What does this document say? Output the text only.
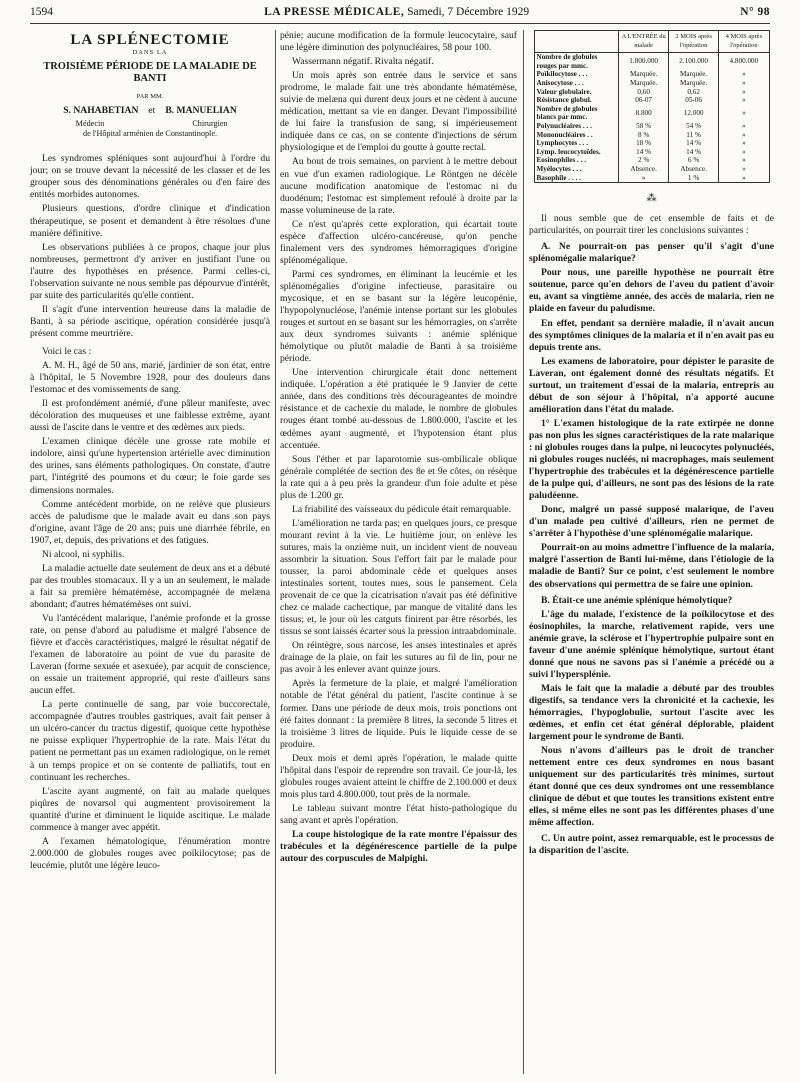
1594	LA PRESSE MÉDICALE, Samedi, 7 Décembre 1929	N° 98
LA SPLÉNECTOMIE
DANS LA
TROISIÈME PÉRIODE DE LA MALADIE DE BANTI
PAR MM.
S. NAHABETIAN et B. MANUELIAN
Médecin	Chirurgien
de l'Hôpital arménien de Constantinople.

Les syndromes spléniques sont aujourd'hui à l'ordre du jour; on se trouve devant la nécessité de les classer et de les grouper sous des dénominations générales ou d'en faire des entités morbides autonomes.

Plusieurs questions, d'ordre clinique et d'indication thérapeutique, se posent et demandent à être résolues d'une manière définitive.

Les observations publiées à ce propos, chaque jour plus nombreuses, permettront d'y arriver en justifiant l'une ou l'autre des hypothèses en présence. Parmi celles-ci, l'observation suivante ne nous semble pas dépourvue d'intérêt, par suite des particularités qu'elle contient.

Il s'agit d'une intervention heureuse dans la maladie de Banti, à sa période ascitique, opération considérée jusqu'à présent comme meurtrière.

Voici le cas :

A. M. H., âgé de 50 ans, marié, jardinier de son état, entre à l'hôpital, le 5 Novembre 1928, pour des douleurs dans l'estomac et des vomissements de sang.

Il est profondément anémié, d'une pâleur manifeste, avec décoloration des muqueuses et une faiblesse extrême, ayant aussi de l'ascite dans le ventre et des œdèmes aux pieds.

L'examen clinique décèle une grosse rate mobile et indolore, ainsi qu'une hypertension artérielle avec diminution des urines, sans éléments pathologiques. On constate, d'autre part, l'intégrité des poumons et du cœur; le foie garde ses dimensions normales.

Comme antécédent morbide, on ne relève que plusieurs accès de paludisme que le malade avait eu dans son pays d'origine, avant l'âge de 20 ans; puis une diarrhée fébrile, en 1907, et, depuis, des privations et des fatigues.

Ni alcool, ni syphilis.

La maladie actuelle date seulement de deux ans et a débuté par des troubles stomacaux. Il y a un an seulement, le malade a fait sa première hématémèse, accompagnée de melæna abondant; d'autres hématémèses ont suivi.

Vu l'antécédent malarique, l'anémie profonde et la grosse rate, on pense d'abord au paludisme et malgré l'absence de fièvre et d'accès caractéristiques, malgré le résultat négatif de l'examen de laboratoire au point de vue du parasite de Laveran (forme sexuée et asexuée), par acquit de conscience, on essaie un traitement approprié, qui reste d'ailleurs sans aucun effet.

La perte continuelle de sang, par voie buccorectale, accompagnée d'autres troubles gastriques, avait fait penser à un ulcéro-cancer du tractus digestif, quoique cette hypothèse ne puisse expliquer l'hypertrophie de la rate. Mais l'état du patient ne permettant pas un examen radiologique, on le remet à un temps propice et on se contente de palliatifs, tout en continuant les recherches.

L'ascite ayant augmenté, on fait au malade quelques piqûres de novarsol qui augmentent provisoirement la quantité d'urine et diminuent le liquide ascitique. Le malade commence à manger avec appétit.

A l'examen hématologique, l'énumération montre 2.000.000 de globules rouges avec poïkilocytose; pas de leucémie, plutôt une légère leuco-

pénie; aucune modification de la formule leucocytaire, sauf une légère diminution des polynucléaires, 58 pour 100.

Wassermann négatif. Rivalta négatif.

Un mois après son entrée dans le service et sans prodrome, le malade fait une très abondante hématémèse, suivie de melæna qui durent deux jours et ne cèdent à aucune médication, mettant sa vie en danger. Devant l'impossibilité de lui faire la transfusion de sang, si impérieusement indiquée dans ce cas, on se contente d'injections de sérum physiologique et de l'emploi du goutte à goutte rectal.

Au bout de trois semaines, on parvient à le mettre debout en vue d'un examen radiologique. Le Röntgen ne décèle aucune modification anatomique de l'estomac ni du duodénum; l'estomac est simplement refoulé à droite par la masse volumineuse de la rate.

Ce n'est qu'après cette exploration, qui écartait toute espèce d'affection ulcéro-cancéreuse, qu'on penche finalement vers des syndromes hémorragiques d'origine splénomégalique.

Parmi ces syndromes, en éliminant la leucémie et les splénomégalies d'origine infectieuse, parasitaire ou mycosique, et en se basant sur la légère leucopénie, l'hypopolynucléose, l'anémie intense portant sur les globules rouges et surtout en se basant sur les hémorragies, on s'arrête aux deux syndromes suivants : anémie splénique hémolytique ou plutôt maladie de Banti à sa troisième période.

Une intervention chirurgicale était donc nettement indiquée. L'opération a été pratiquée le 9 Janvier de cette année, dans des conditions très décourageantes de moindre résistance et de cachexie du malade, le nombre de globules rouges étant tombé au-dessous de 1.800.000, l'ascite et les œdèmes ayant augmenté, et l'hypotension étant plus accentuée.

Sous l'éther et par laparotomie sus-ombilicale oblique générale complétée de section des 8e et 9e côtes, on résèque la rate qui a à peu près la grandeur d'un foie adulte et pèse plus de 1.200 gr.

La friabilité des vaisseaux du pédicule était remarquable.

L'amélioration ne tarda pas; en quelques jours, ce presque mourant revint à la vie. Le huitième jour, on enlève les sutures, mais la onzième nuit, un incident vient de nouveau assombrir la situation. Sous l'effort fait par le malade pour tousser, la paroi abdominale cède et quelques anses intestinales sortent, toutes nues, sous le pansement. Cela provenait de ce que la cicatrisation n'avait pas été définitive chez ce malade cachectique, par manque de vitalité dans les tissus; et, le jour où les catguts finirent par être résorbés, les tissus se sont laissés écarter sous la pression intraabdominale.

On réintègre, sous narcose, les anses intestinales et après drainage de la plaie, on fait les sutures au fil de lin, pour ne pas avoir à les enlever avant quinze jours.

Après la fermeture de la plaie, et malgré l'amélioration notable de l'état général du patient, l'ascite continue à se former. Dans une période de deux mois, trois ponctions ont été faites donnant : la première 8 litres, la seconde 5 litres et la troisième 3 litres de liquide. Puis le liquide cesse de se produire.

Deux mois et demi après l'opération, le malade quitte l'hôpital dans l'espoir de reprendre son travail. Ce jour-là, les globules rouges avaient atteint le chiffre de 2.100.000 et deux mois plus tard 4.800.000, tout près de la normale.

Le tableau suivant montre l'état histo-pathologique du sang avant et après l'opération.

La coupe histologique de la rate montre l'épaissur des trabécules et la dégénérescence partielle de la pulpe autour des corpuscules de Malpighi.

	A L'ENTRÉE du malade	2 MOIS après l'opération	4 MOIS après l'opération
Nombre de globules rouges par mmc.	1.800.000	2.100.000	4.800.000
Poïkilocytose . . .	Marquée.	Marquée.	»
Anisocytose . . .	Marquée.	Marquée.	»
Valeur globulaire.	0,60	0,62	»
Résistance globul.	06-07	05-06	»
Nombre de globules blancs par mmc.	8.800	12.000	»
Polynucléaires . . .	58 %	54 %	»
Mononucléaires . .	8 %	11 %	»
Lymphocytes . . .	18 %	14 %	»
Lymp. leucocytoïdes.	14 %	14 %	»
Eosinophiles . . .	2 %	6 %	»
Myélocytes . . .	Absence.	Absence.	»
Basophile . . . .	»	1 %	»
⁂

Il nous semble que de cet ensemble de faits et de particularités, on pourrait tirer les conclusions suivantes :

A. Ne pourrait-on pas penser qu'il s'agit d'une splénomégalie malarique?

Pour nous, une pareille hypothèse ne pourrait être soutenue, parce qu'en dehors de l'aveu du patient d'avoir eu, avant sa vingtième année, des accès de malaria, rien ne plaide en faveur du paludisme.

En effet, pendant sa dernière maladie, il n'avait aucun des symptômes cliniques de la malaria et il n'en avait pas eu depuis trente ans.

Les examens de laboratoire, pour dépister le parasite de Laveran, ont également donné des résultats négatifs. Et surtout, un traitement d'essai de la malaria, entrepris au début de son séjour à l'hôpital, n'a apporté aucune amélioration dans l'état du malade.

1° L'examen histologique de la rate extirpée ne donne pas non plus les signes caractéristiques de la rate malarique : ni globules rouges dans la pulpe, ni leucocytes polynucléés, ni globules rouges nucléés, ni macrophages, mais seulement l'hypertrophie des trabécules et la dégénérescence partielle de la pulpe qui, d'ailleurs, ne sont pas des lésions de la rate paludéenne.

Donc, malgré un passé supposé malarique, de l'aveu d'un malade peu cultivé d'ailleurs, rien ne permet de s'arrêter à l'hypothèse d'une splénomégalie malarique.

Pourrait-on au moins admettre l'influence de la malaria, malgré l'assertion de Banti lui-même, dans l'étiologie de la maladie de Banti? Sur ce point, c'est seulement le nombre des observations qui permettra de se faire une opinion.

B. Était-ce une anémie splénique hémolytique?

L'âge du malade, l'existence de la poïkilocytose et des éosinophiles, la marche, relativement rapide, vers une anémie grave, la sclérose et l'hypertrophie pulpaire sont en faveur d'une anémie splénique hémolytique, surtout étant donné que nous ne savons pas si l'anémie a précédé ou a suivi l'hypersplénie.

Mais le fait que la maladie a débuté par des troubles digestifs, sa tendance vers la chronicité et la cachexie, les hémorragies, l'hypoglobulie, surtout l'ascite avec les œdèmes, et enfin cet état général déplorable, plaident largement pour le syndrome de Banti.

Nous n'avons d'ailleurs pas le droit de trancher nettement entre ces deux syndromes en nous basant uniquement sur des particularités très minimes, surtout étant donné que ces deux syndromes ont une ressemblance clinique de début et que toutes les transitions existent entre elles, si même elles ne sont pas les différentes phases d'une même affection.

C. Un autre point, assez remarquable, est le processus de la disparition de l'ascite.
